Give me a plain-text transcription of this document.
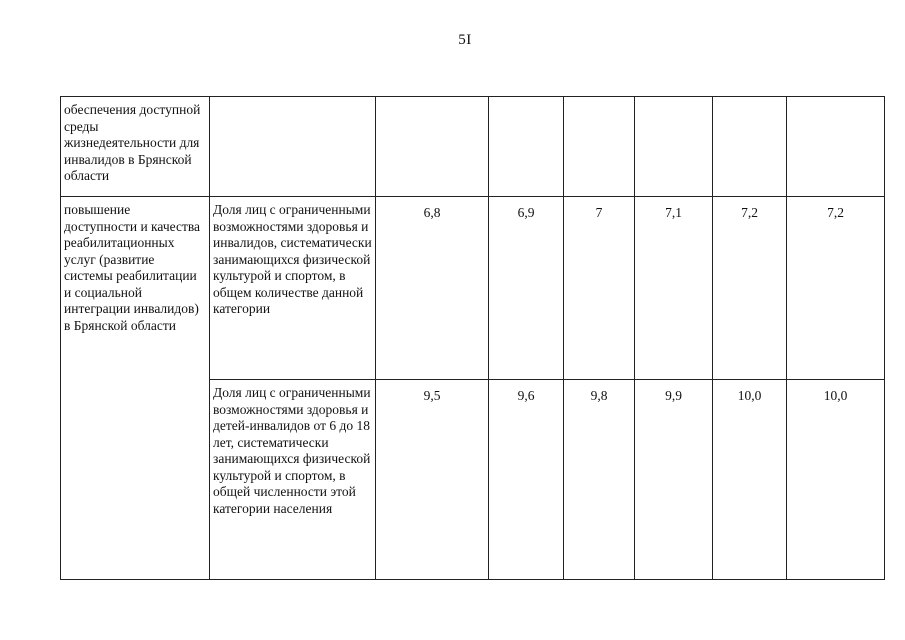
5I
обеспечения доступной среды жизнедеятельности для инвалидов в Брянской области							
повышение доступности и качества реабилитационных услуг (развитие системы реабилитации и социальной интеграции инвалидов) в Брянской области	Доля лиц с ограниченными возможностями здоровья и инвалидов, систематически занимающихся физической культурой и спортом, в общем количестве данной категории	6,8	6,9	7	7,1	7,2	7,2
	Доля лиц с ограниченными возможностями здоровья и детей-инвалидов от 6 до 18 лет, систематически занимающихся физической культурой и спортом, в общей численности этой категории населения	9,5	9,6	9,8	9,9	10,0	10,0
